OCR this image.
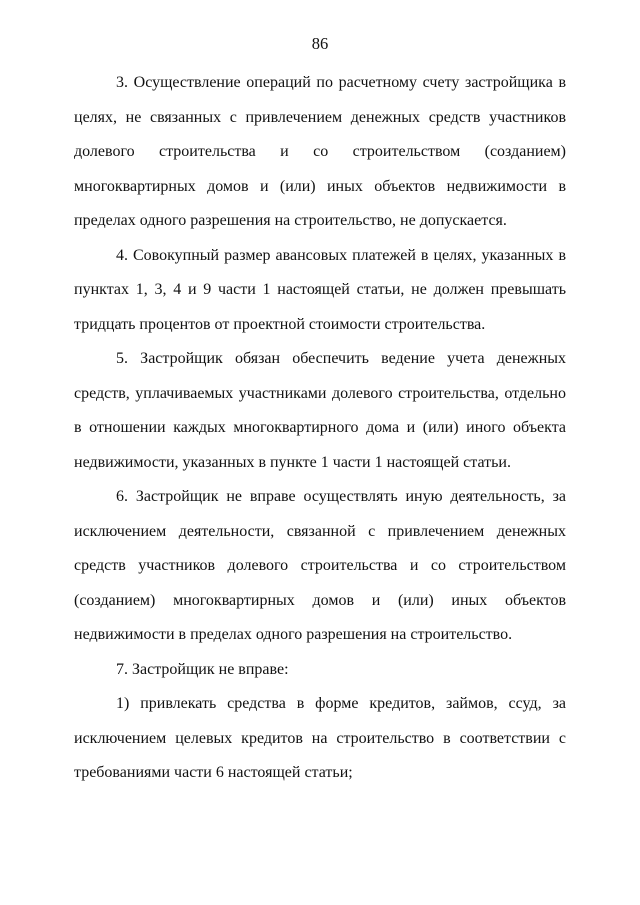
86

3. Осуществление операций по расчетному счету застройщика в целях, не связанных с привлечением денежных средств участников долевого строительства и со строительством (созданием) многоквартирных домов и (или) иных объектов недвижимости в пределах одного разрешения на строительство, не допускается.

4. Совокупный размер авансовых платежей в целях, указанных в пунктах 1, 3, 4 и 9 части 1 настоящей статьи, не должен превышать тридцать процентов от проектной стоимости строительства.

5. Застройщик обязан обеспечить ведение учета денежных средств, уплачиваемых участниками долевого строительства, отдельно в отношении каждых многоквартирного дома и (или) иного объекта недвижимости, указанных в пункте 1 части 1 настоящей статьи.

6. Застройщик не вправе осуществлять иную деятельность, за исключением деятельности, связанной с привлечением денежных средств участников долевого строительства и со строительством (созданием) многоквартирных домов и (или) иных объектов недвижимости в пределах одного разрешения на строительство.

7. Застройщик не вправе:

1) привлекать средства в форме кредитов, займов, ссуд, за исключением целевых кредитов на строительство в соответствии с требованиями части 6 настоящей статьи;
